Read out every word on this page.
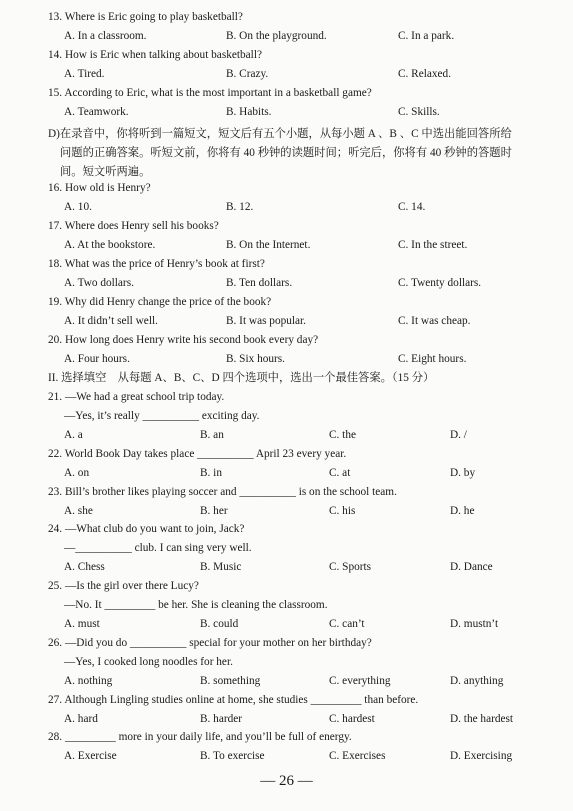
D)在录音中，你将听到一篇短文，短文后有五个小题，从每小题 A 、B 、C 中选出能回答所给
问题的正确答案。听短文前，你将有 40 秒钟的读题时间；听完后，你将有 40 秒钟的答题时
间。短文听两遍。
II. 选择填空　从每题 A、B、C、D 四个选项中，选出一个最佳答案。（15 分）
— 26 —
13. Where is Eric going to play basketball?
A. In a classroom.	B. On the playground.	C. In a park.
14. How is Eric when talking about basketball?
A. Tired.	B. Crazy.	C. Relaxed.
15. According to Eric, what is the most important in a basketball game?
A. Teamwork.	B. Habits.	C. Skills.
16. How old is Henry?
A. 10.	B. 12.	C. 14.
17. Where does Henry sell his books?
A. At the bookstore.	B. On the Internet.	C. In the street.
18. What was the price of Henry’s book at first?
A. Two dollars.	B. Ten dollars.	C. Twenty dollars.
19. Why did Henry change the price of the book?
A. It didn’t sell well.	B. It was popular.	C. It was cheap.
20. How long does Henry write his second book every day?
A. Four hours.	B. Six hours.	C. Eight hours.
21. —We had a great school trip today.
—Yes, it’s really __________ exciting day.
A. a	B. an	C. the	D. /
22. World Book Day takes place __________ April 23 every year.
A. on	B. in	C. at	D. by
23. Bill’s brother likes playing soccer and __________ is on the school team.
A. she	B. her	C. his	D. he
24. —What club do you want to join, Jack?
—__________ club. I can sing very well.
A. Chess	B. Music	C. Sports	D. Dance
25. —Is the girl over there Lucy?
—No. It _________ be her. She is cleaning the classroom.
A. must	B. could	C. can’t	D. mustn’t
26. —Did you do __________ special for your mother on her birthday?
—Yes, I cooked long noodles for her.
A. nothing	B. something	C. everything	D. anything
27. Although Lingling studies online at home, she studies _________ than before.
A. hard	B. harder	C. hardest	D. the hardest
28. _________ more in your daily life, and you’ll be full of energy.
A. Exercise	B. To exercise	C. Exercises	D. Exercising
